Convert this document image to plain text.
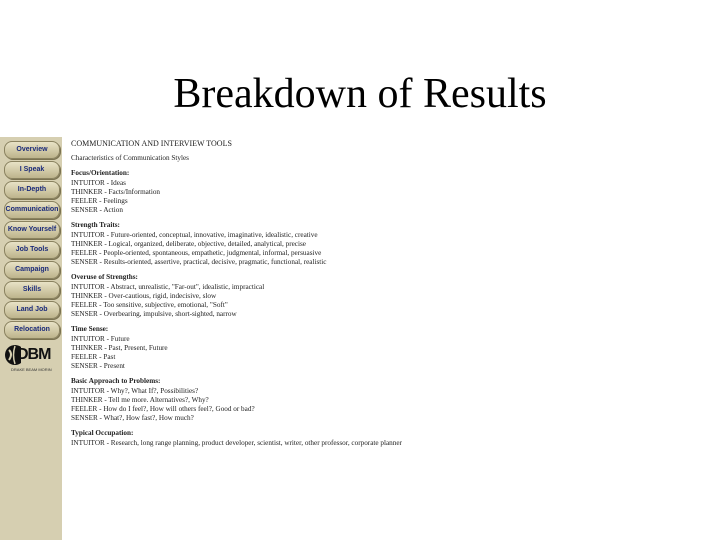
Breakdown of Results
Overview
I Speak
In-Depth
Communication
Know Yourself
Job Tools
Campaign
Skills
Land Job
Relocation
DBM
DRAKE BEAM MORIN
COMMUNICATION AND INTERVIEW TOOLS
Characteristics of Communication Styles
Focus/Orientation:
INTUITOR - Ideas
THINKER - Facts/Information
FEELER - Feelings
SENSER - Action
Strength Traits:
INTUITOR - Future-oriented, conceptual, innovative, imaginative, idealistic, creative
THINKER - Logical, organized, deliberate, objective, detailed, analytical, precise
FEELER - People-oriented, spontaneous, empathetic, judgmental, informal, persuasive
SENSER - Results-oriented, assertive, practical, decisive, pragmatic, functional, realistic
Overuse of Strengths:
INTUITOR - Abstract, unrealistic, "Far-out", idealistic, impractical
THINKER - Over-cautious, rigid, indecisive, slow
FEELER - Too sensitive, subjective, emotional, "Soft"
SENSER - Overbearing, impulsive, short-sighted, narrow
Time Sense:
INTUITOR - Future
THINKER - Past, Present, Future
FEELER - Past
SENSER - Present
Basic Approach to Problems:
INTUITOR - Why?, What If?, Possibilities?
THINKER - Tell me more. Alternatives?, Why?
FEELER - How do I feel?, How will others feel?, Good or bad?
SENSER - What?, How fast?, How much?
Typical Occupation:
INTUITOR - Research, long range planning, product developer, scientist, writer, other professor, corporate planner
